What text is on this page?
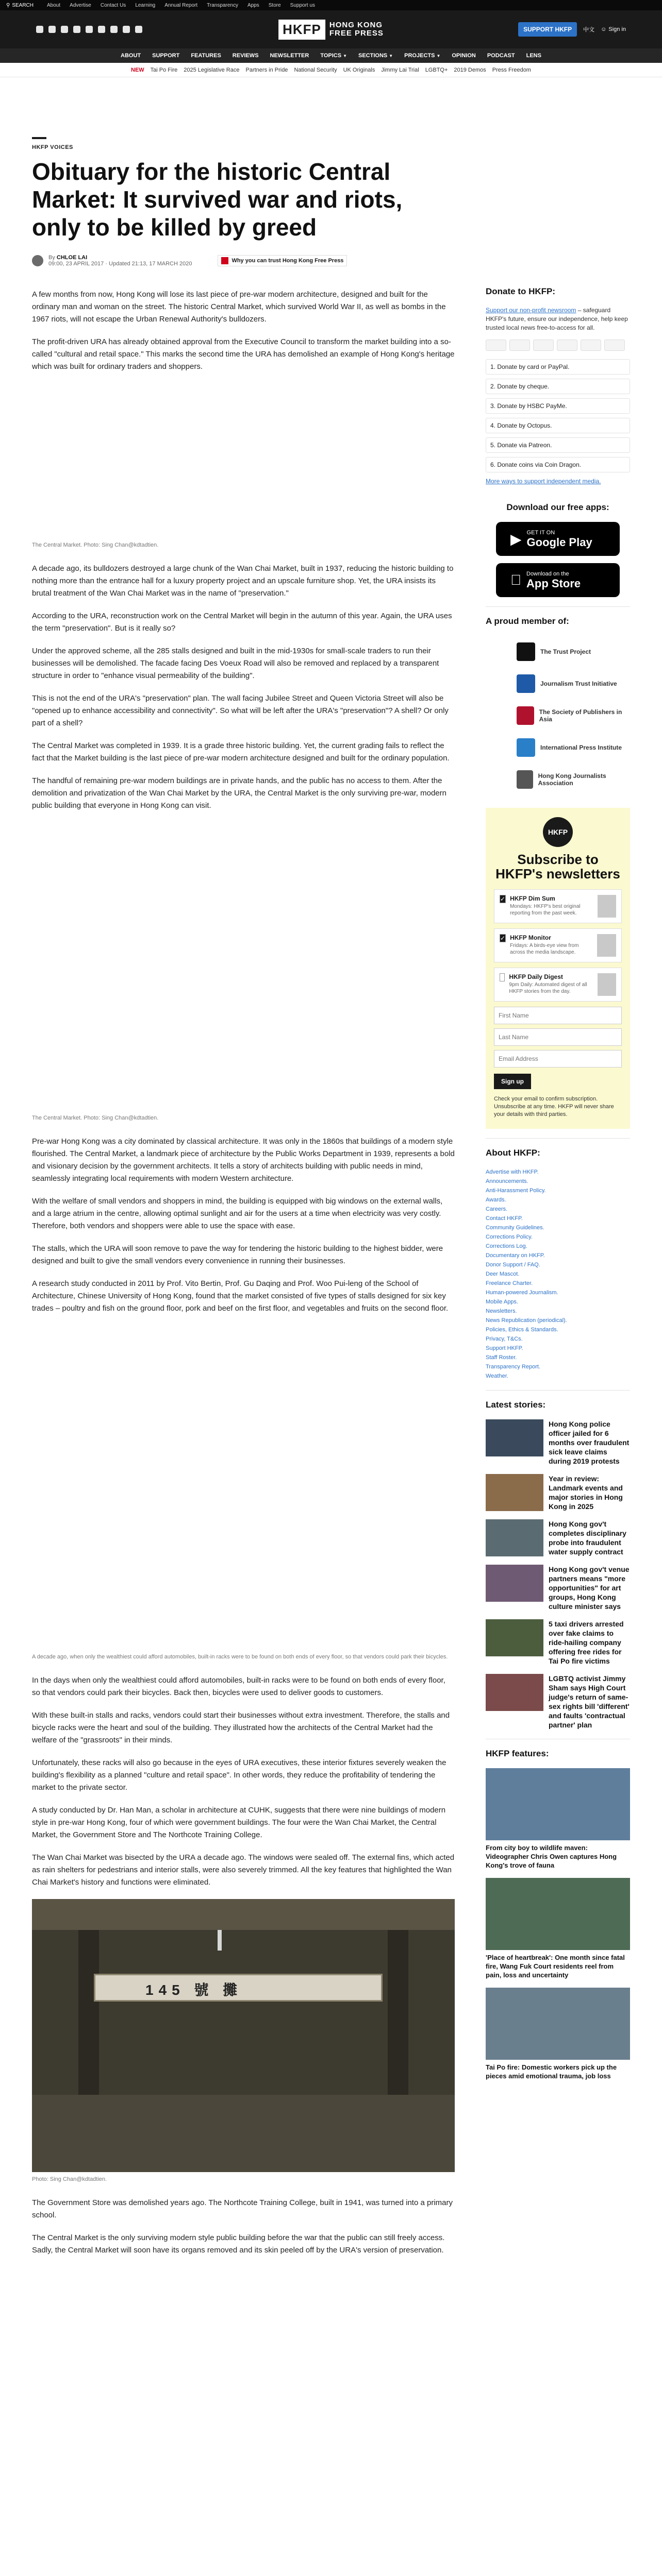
⚲ SEARCH	About Advertise Contact Us Learning Annual Report Transparency Apps Store Support us
HKFP	HONG KONG
FREE PRESS	SUPPORT HKFP	中文 ☺ Sign in
ABOUT SUPPORT FEATURES REVIEWS NEWSLETTER TOPICS ▼ SECTIONS ▼ PROJECTS ▼ OPINION PODCAST LENS
NEW Tai Po Fire 2025 Legislative Race Partners in Pride National Security UK Originals Jimmy Lai Trial LGBTQ+ 2019 Demos Press Freedom
HKFP VOICES
Obituary for the historic Central Market: It survived war and riots, only to be killed by greed
By CHLOE LAI
09:00, 23 APRIL 2017 · Updated 21:13, 17 MARCH 2020	Why you can trust Hong Kong Free Press

A few months from now, Hong Kong will lose its last piece of pre-war modern architecture, designed and built for the ordinary man and woman on the street. The historic Central Market, which survived World War II, as well as bombs in the 1967 riots, will not escape the Urban Renewal Authority's bulldozers.

The profit-driven URA has already obtained approval from the Executive Council to transform the market building into a so-called "cultural and retail space." This marks the second time the URA has demolished an example of Hong Kong's heritage which was built for ordinary traders and shoppers.

The Central Market. Photo: Sing Chan@kdtadtien.

A decade ago, its bulldozers destroyed a large chunk of the Wan Chai Market, built in 1937, reducing the historic building to nothing more than the entrance hall for a luxury property project and an upscale furniture shop. Yet, the URA insists its brutal treatment of the Wan Chai Market was in the name of "preservation."

According to the URA, reconstruction work on the Central Market will begin in the autumn of this year. Again, the URA uses the term "preservation". But is it really so?

Under the approved scheme, all the 285 stalls designed and built in the mid-1930s for small-scale traders to run their businesses will be demolished. The facade facing Des Voeux Road will also be removed and replaced by a transparent structure in order to "enhance visual permeability of the building".

This is not the end of the URA's "preservation" plan. The wall facing Jubilee Street and Queen Victoria Street will also be "opened up to enhance accessibility and connectivity". So what will be left after the URA's "preservation"? A shell? Or only part of a shell?

The Central Market was completed in 1939. It is a grade three historic building. Yet, the current grading fails to reflect the fact that the Market building is the last piece of pre-war modern architecture designed and built for the ordinary population.

The handful of remaining pre-war modern buildings are in private hands, and the public has no access to them. After the demolition and privatization of the Wan Chai Market by the URA, the Central Market is the only surviving pre-war, modern public building that everyone in Hong Kong can visit.

The Central Market. Photo: Sing Chan@kdtadtien.

Pre-war Hong Kong was a city dominated by classical architecture. It was only in the 1860s that buildings of a modern style flourished. The Central Market, a landmark piece of architecture by the Public Works Department in 1939, represents a bold and visionary decision by the government architects. It tells a story of architects building with public needs in mind, seamlessly integrating local requirements with modern Western architecture.

With the welfare of small vendors and shoppers in mind, the building is equipped with big windows on the external walls, and a large atrium in the centre, allowing optimal sunlight and air for the users at a time when electricity was very costly. Therefore, both vendors and shoppers were able to use the space with ease.

The stalls, which the URA will soon remove to pave the way for tendering the historic building to the highest bidder, were designed and built to give the small vendors every convenience in running their businesses.

A research study conducted in 2011 by Prof. Vito Bertin, Prof. Gu Daqing and Prof. Woo Pui-leng of the School of Architecture, Chinese University of Hong Kong, found that the market consisted of five types of stalls designed for six key trades – poultry and fish on the ground floor, pork and beef on the first floor, and vegetables and fruits on the second floor.

A decade ago, when only the wealthiest could afford automobiles, built-in racks were to be found on both ends of every floor, so that vendors could park their bicycles.

In the days when only the wealthiest could afford automobiles, built-in racks were to be found on both ends of every floor, so that vendors could park their bicycles. Back then, bicycles were used to deliver goods to customers.

With these built-in stalls and racks, vendors could start their businesses without extra investment. Therefore, the stalls and bicycle racks were the heart and soul of the building. They illustrated how the architects of the Central Market had the welfare of the "grassroots" in their minds.

Unfortunately, these racks will also go because in the eyes of URA executives, these interior fixtures severely weaken the building's flexibility as a planned "culture and retail space". In other words, they reduce the profitability of tendering the market to the private sector.

A study conducted by Dr. Han Man, a scholar in architecture at CUHK, suggests that there were nine buildings of modern style in pre-war Hong Kong, four of which were government buildings. The four were the Wan Chai Market, the Central Market, the Government Store and The Northcote Training College.

The Wan Chai Market was bisected by the URA a decade ago. The windows were sealed off. The external fins, which acted as rain shelters for pedestrians and interior stalls, were also severely trimmed. All the key features that highlighted the Wan Chai Market's history and functions were eliminated.

145 號 攤
Photo: Sing Chan@kdtadtien.

The Government Store was demolished years ago. The Northcote Training College, built in 1941, was turned into a primary school.

The Central Market is the only surviving modern style public building before the war that the public can still freely access. Sadly, the Central Market will soon have its organs removed and its skin peeled off by the URA's version of preservation.

Donate to HKFP:
Support our non-profit newsroom – safeguard HKFP's future, ensure our independence, help keep trusted local news free-to-access for all.
1. Donate by card or PayPal.
2. Donate by cheque.
3. Donate by HSBC PayMe.
4. Donate by Octopus.
5. Donate via Patreon.
6. Donate coins via Coin Dragon.
More ways to support independent media.
Download our free apps:
▶ GET IT ON
Google Play
Download on the
App Store
A proud member of:
The Trust Project
Journalism Trust Initiative
The Society of Publishers in Asia
International Press Institute
Hong Kong Journalists Association
HKFP
Subscribe to HKFP's newsletters
✓ HKFP Dim Sum
Mondays: HKFP's best original reporting from the past week.
✓ HKFP Monitor
Fridays: A birds-eye view from across the media landscape.
HKFP Daily Digest
9pm Daily: Automated digest of all HKFP stories from the day.
First Name Last Name Email Address Sign up
Check your email to confirm subscription. Unsubscribe at any time. HKFP will never share your details with third parties.
About HKFP:
Advertise with HKFP.
Announcements.
Anti-Harassment Policy.
Awards.
Careers.
Contact HKFP.
Community Guidelines.
Corrections Policy.
Corrections Log.
Documentary on HKFP.
Donor Support / FAQ.
Deer Mascot.
Freelance Charter.
Human-powered Journalism.
Mobile Apps.
Newsletters.
News Republication (periodical).
Policies, Ethics & Standards.
Privacy, T&Cs.
Support HKFP.
Staff Roster.
Transparency Report.
Weather.
Latest stories:
Hong Kong police officer jailed for 6 months over fraudulent sick leave claims during 2019 protests
Year in review: Landmark events and major stories in Hong Kong in 2025
Hong Kong gov't completes disciplinary probe into fraudulent water supply contract
Hong Kong gov't venue partners means "more opportunities" for art groups, Hong Kong culture minister says
5 taxi drivers arrested over fake claims to ride-hailing company offering free rides for Tai Po fire victims
LGBTQ activist Jimmy Sham says High Court judge's return of same-sex rights bill 'different' and faults 'contractual partner' plan
HKFP features:
From city boy to wildlife maven: Videographer Chris Owen captures Hong Kong's trove of fauna
'Place of heartbreak': One month since fatal fire, Wang Fuk Court residents reel from pain, loss and uncertainty
Tai Po fire: Domestic workers pick up the pieces amid emotional trauma, job loss
